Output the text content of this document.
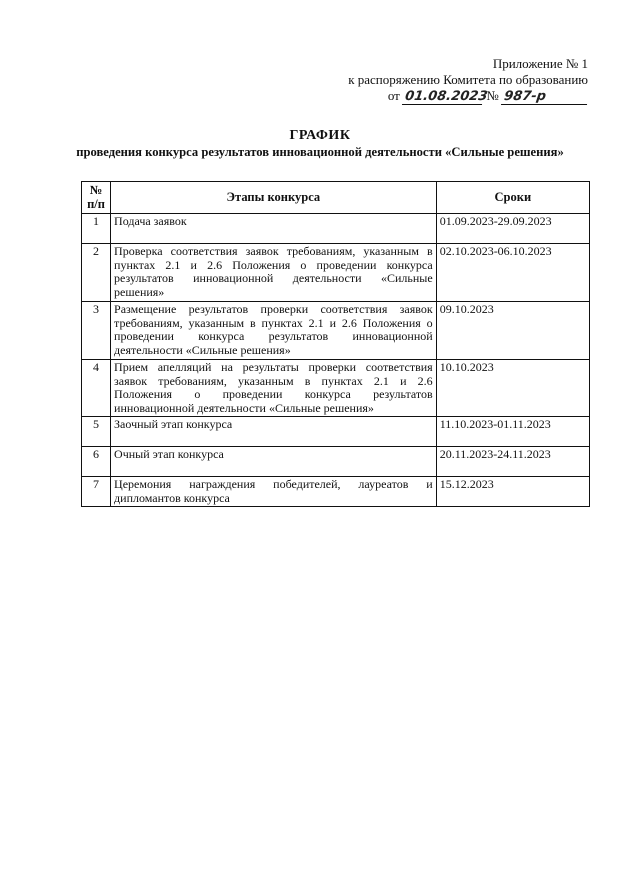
Приложение № 1
к распоряжению Комитета по образованию
от 01.08.2023 № 987-р
ГРАФИК
проведения конкурса результатов инновационной деятельности «Сильные решения»
№ п/п	Этапы конкурса	Сроки
1	Подача заявок	01.09.2023-29.09.2023
2	Проверка соответствия заявок требованиям, указанным в пунктах 2.1 и 2.6 Положения о проведении конкурса результатов инновационной деятельности «Сильные решения»	02.10.2023-06.10.2023
3	Размещение результатов проверки соответствия заявок требованиям, указанным в пунктах 2.1 и 2.6 Положения о проведении конкурса результатов инновационной деятельности «Сильные решения»	09.10.2023
4	Прием апелляций на результаты проверки соответствия заявок требованиям, указанным в пунктах 2.1 и 2.6 Положения о проведении конкурса результатов инновационной деятельности «Сильные решения»	10.10.2023
5	Заочный этап конкурса	11.10.2023-01.11.2023
6	Очный этап конкурса	20.11.2023-24.11.2023
7	Церемония награждения победителей, лауреатов и дипломантов конкурса	15.12.2023
